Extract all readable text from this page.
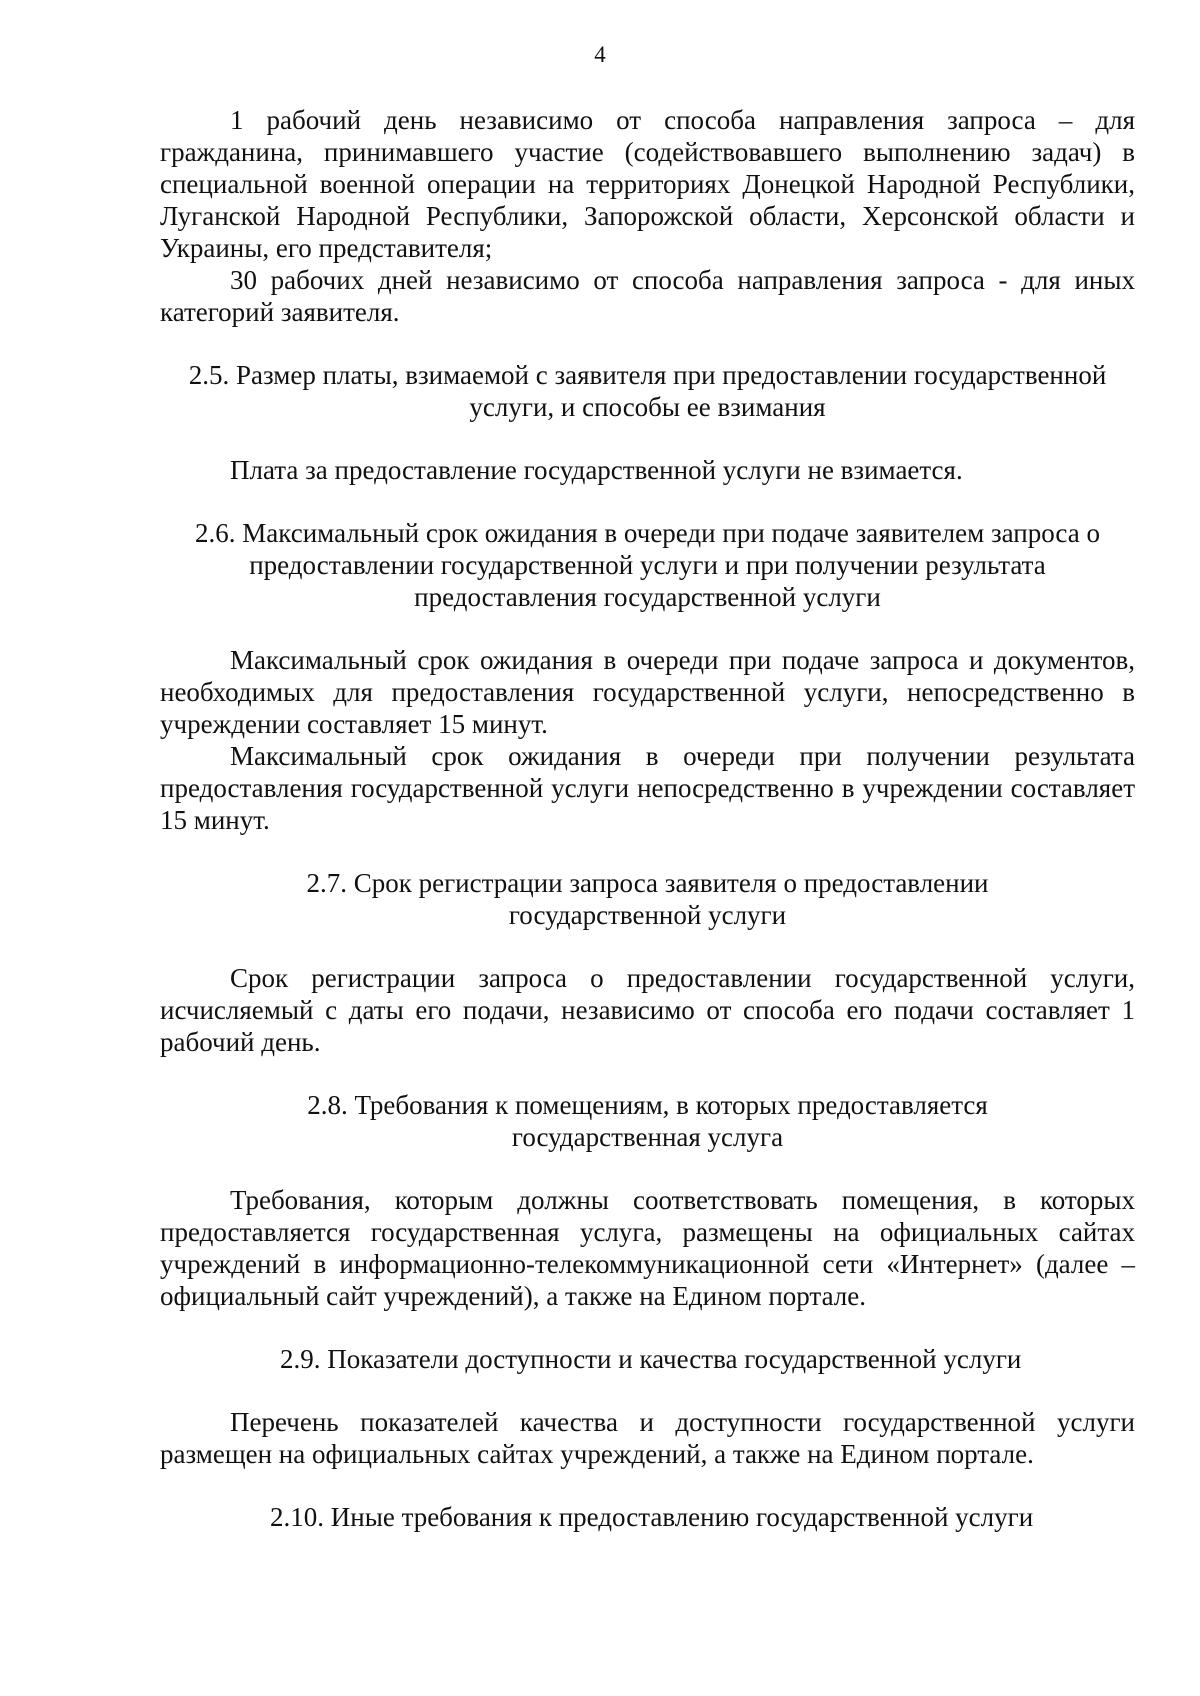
4

1 рабочий день независимо от способа направления запроса – для гражданина, принимавшего участие (содействовавшего выполнению задач) в специальной военной операции на территориях Донецкой Народной Республики, Луганской Народной Республики, Запорожской области, Херсонской области и Украины, его представителя;

30 рабочих дней независимо от способа направления запроса - для иных категорий заявителя.

2.5. Размер платы, взимаемой с заявителя при предоставлении государственной услуги, и способы ее взимания

Плата за предоставление государственной услуги не взимается.

2.6. Максимальный срок ожидания в очереди при подаче заявителем запроса о предоставлении государственной услуги и при получении результата предоставления государственной услуги

Максимальный срок ожидания в очереди при подаче запроса и документов, необходимых для предоставления государственной услуги, непосредственно в учреждении составляет 15 минут.

Максимальный срок ожидания в очереди при получении результата предоставления государственной услуги непосредственно в учреждении составляет 15 минут.

2.7. Срок регистрации запроса заявителя о предоставлении государственной услуги

Срок регистрации запроса о предоставлении государственной услуги, исчисляемый с даты его подачи, независимо от способа его подачи составляет 1 рабочий день.

2.8. Требования к помещениям, в которых предоставляется государственная услуга

Требования, которым должны соответствовать помещения, в которых предоставляется государственная услуга, размещены на официальных сайтах учреждений в информационно-телекоммуникационной сети «Интернет» (далее – официальный сайт учреждений), а также на Едином портале.

2.9. Показатели доступности и качества государственной услуги

Перечень показателей качества и доступности государственной услуги размещен на официальных сайтах учреждений, а также на Едином портале.

2.10. Иные требования к предоставлению государственной услуги
